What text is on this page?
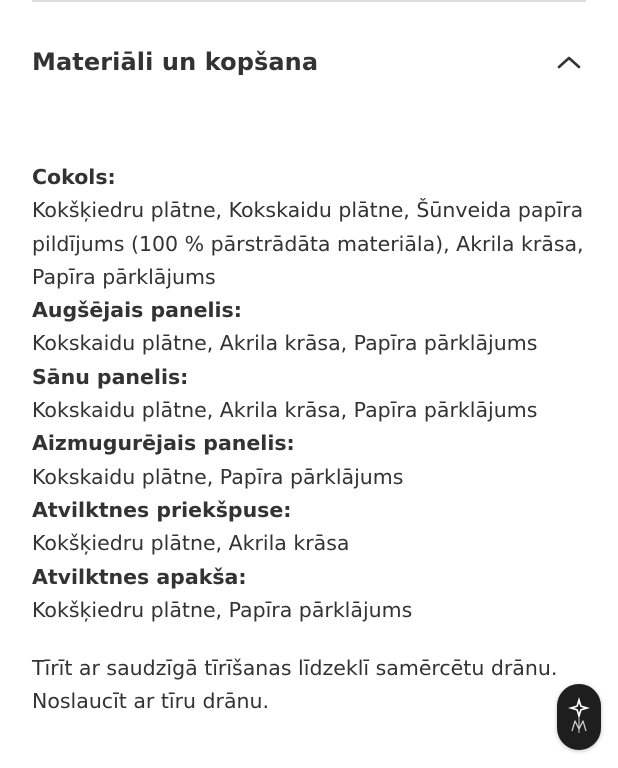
Materiāli un kopšana
Cokols:
Kokšķiedru plātne, Kokskaidu plātne, Šūnveida papīra pildījums (100 % pārstrādāta materiāla), Akrila krāsa, Papīra pārklājums
Augšējais panelis:
Kokskaidu plātne, Akrila krāsa, Papīra pārklājums
Sānu panelis:
Kokskaidu plātne, Akrila krāsa, Papīra pārklājums
Aizmugurējais panelis:
Kokskaidu plātne, Papīra pārklājums
Atvilktnes priekšpuse:
Kokšķiedru plātne, Akrila krāsa
Atvilktnes apakša:
Kokšķiedru plātne, Papīra pārklājums
Tīrīt ar saudzīgā tīrīšanas līdzeklī samērcētu drānu.
Noslaucīt ar tīru drānu.
